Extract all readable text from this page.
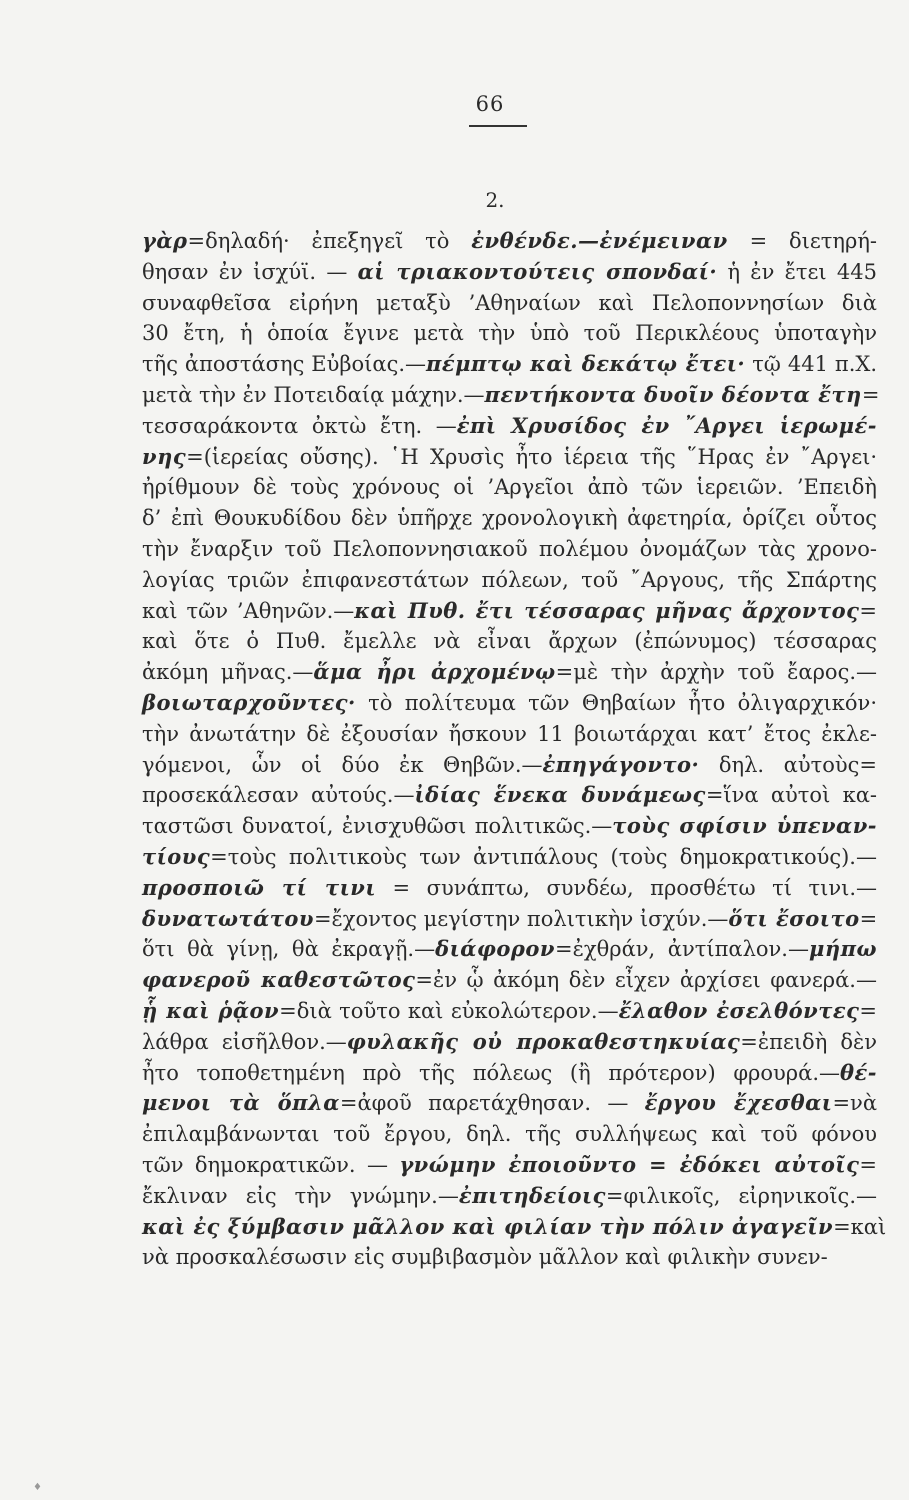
66
2.
γὰρ=δηλαδή· ἐπεξηγεῖ τὸ ἐνθένδε.—ἐνέμειναν = διετηρή-
θησαν ἐν ἰσχύϊ. — αἱ τριακοντούτεις σπονδαί· ἡ ἐν ἔτει 445
συναφθεῖσα εἰρήνη μεταξὺ ’Αθηναίων καὶ Πελοποννησίων διὰ
30 ἔτη, ἡ ὁποία ἔγινε μετὰ τὴν ὑπὸ τοῦ Περικλέους ὑποταγὴν
τῆς ἀποστάσης Εὐβοίας.—πέμπτῳ καὶ δεκάτῳ ἔτει· τῷ 441 π.Χ.
μετὰ τὴν ἐν Ποτειδαίᾳ μάχην.—πεντήκοντα δυοῖν δέοντα ἔτη=
τεσσαράκοντα ὀκτὼ ἔτη. —ἐπὶ Χρυσίδος ἐν ῎Αργει ἱερωμέ-
νης=(ἱερείας οὔσης). ῾Η Χρυσὶς ἦτο ἱέρεια τῆς ῞Ηρας ἐν ῎Αργει·
ἠρίθμουν δὲ τοὺς χρόνους οἱ ’Αργεῖοι ἀπὸ τῶν ἱερειῶν. ’Επειδὴ
δ’ ἐπὶ Θουκυδίδου δὲν ὑπῆρχε χρονολογικὴ ἀφετηρία, ὁρίζει οὗτος
τὴν ἔναρξιν τοῦ Πελοποννησιακοῦ πολέμου ὀνομάζων τὰς χρονο-
λογίας τριῶν ἐπιφανεστάτων πόλεων, τοῦ ῎Αργους, τῆς Σπάρτης
καὶ τῶν ’Αθηνῶν.—καὶ Πυθ. ἔτι τέσσαρας μῆνας ἄρχοντος=
καὶ ὅτε ὁ Πυθ. ἔμελλε νὰ εἶναι ἄρχων (ἐπώνυμος) τέσσαρας
ἀκόμη μῆνας.—ἅμα ἦρι ἀρχομένῳ=μὲ τὴν ἀρχὴν τοῦ ἔαρος.—
βοιωταρχοῦντες· τὸ πολίτευμα τῶν Θηβαίων ἦτο ὀλιγαρχικόν·
τὴν ἀνωτάτην δὲ ἐξουσίαν ἤσκουν 11 βοιωτάρχαι κατ’ ἔτος ἐκλε-
γόμενοι, ὧν οἱ δύο ἐκ Θηβῶν.—ἐπηγάγοντο· δηλ. αὐτοὺς=
προσεκάλεσαν αὐτούς.—ἰδίας ἕνεκα δυνάμεως=ἵνα αὐτοὶ κα-
ταστῶσι δυνατοί, ἐνισχυθῶσι πολιτικῶς.—τοὺς σφίσιν ὑπεναν-
τίους=τοὺς πολιτικοὺς των ἀντιπάλους (τοὺς δημοκρατικούς).—
προσποιῶ τί τινι = συνάπτω, συνδέω, προσθέτω τί τινι.—
δυνατωτάτου=ἔχοντος μεγίστην πολιτικὴν ἰσχύν.—ὅτι ἔσοιτο=
ὅτι θὰ γίνῃ, θὰ ἐκραγῇ.—διάφορον=ἐχθράν, ἀντίπαλον.—μήπω
φανεροῦ καθεστῶτος=ἐν ᾧ ἀκόμη δὲν εἶχεν ἀρχίσει φανερά.—
ᾗ καὶ ῥᾷον=διὰ τοῦτο καὶ εὐκολώτερον.—ἔλαθον ἐσελθόντες=
λάθρα εἰσῆλθον.—φυλακῆς οὐ προκαθεστηκυίας=ἐπειδὴ δὲν
ἦτο τοποθετημένη πρὸ τῆς πόλεως (ἢ πρότερον) φρουρά.—θέ-
μενοι τὰ ὅπλα=ἀφοῦ παρετάχθησαν. — ἔργου ἔχεσθαι=νὰ
ἐπιλαμβάνωνται τοῦ ἔργου, δηλ. τῆς συλλήψεως καὶ τοῦ φόνου
τῶν δημοκρατικῶν. — γνώμην ἐποιοῦντο = ἐδόκει αὐτοῖς=
ἔκλιναν εἰς τὴν γνώμην.—ἐπιτηδείοις=φιλικοῖς, εἰρηνικοῖς.—
καὶ ἐς ξύμβασιν μᾶλλον καὶ φιλίαν τὴν πόλιν ἀγαγεῖν=καὶ
νὰ προσκαλέσωσιν εἰς συμβιβασμὸν μᾶλλον καὶ φιλικὴν συνεν-
♦
